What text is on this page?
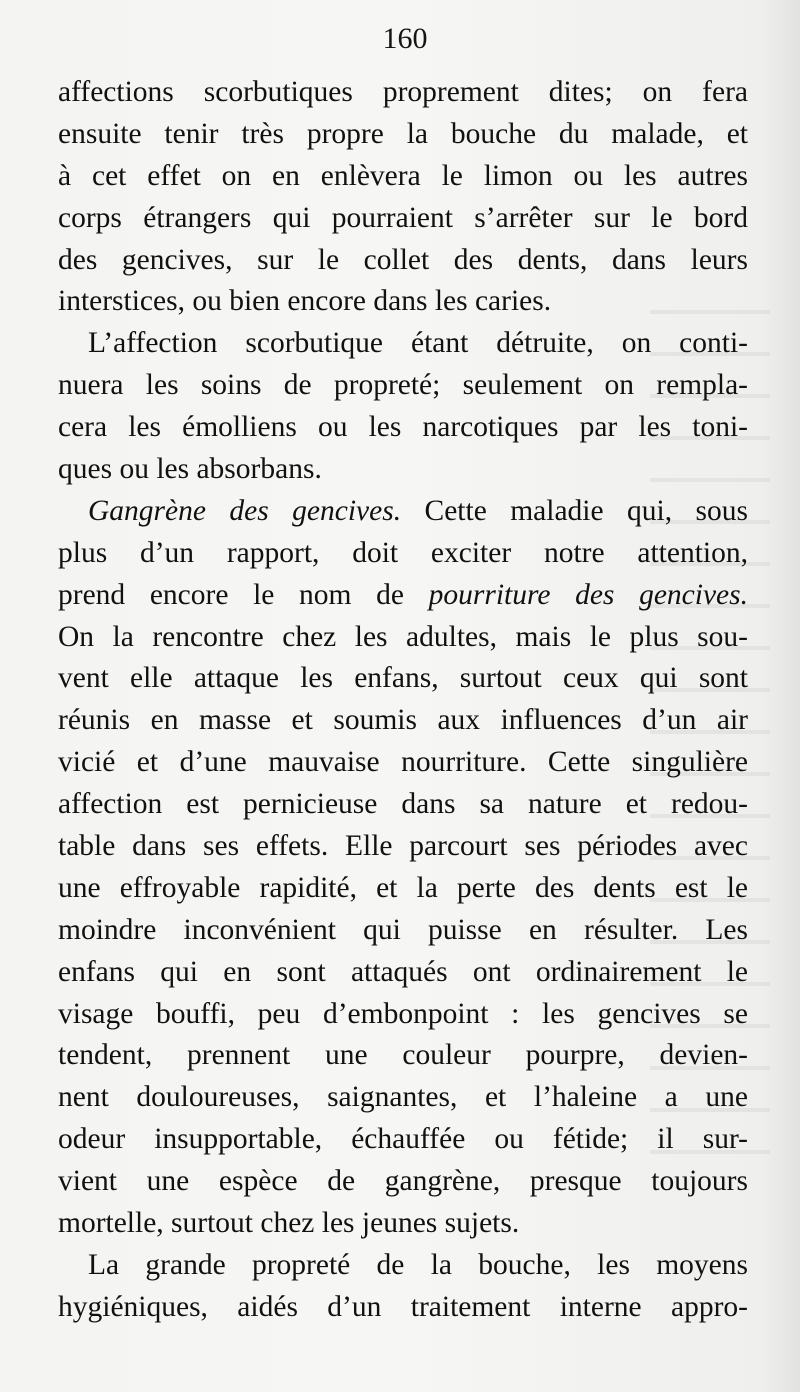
160
affections scorbutiques proprement dites; on fera
ensuite tenir très propre la bouche du malade, et
à cet effet on en enlèvera le limon ou les autres
corps étrangers qui pourraient s’arrêter sur le bord
des gencives, sur le collet des dents, dans leurs
interstices, ou bien encore dans les caries.
L’affection scorbutique étant détruite, on conti-
nuera les soins de propreté; seulement on rempla-
cera les émolliens ou les narcotiques par les toni-
ques ou les absorbans.
Gangrène des gencives. Cette maladie qui, sous
plus d’un rapport, doit exciter notre attention,
prend encore le nom de pourriture des gencives.
On la rencontre chez les adultes, mais le plus sou-
vent elle attaque les enfans, surtout ceux qui sont
réunis en masse et soumis aux influences d’un air
vicié et d’une mauvaise nourriture. Cette singulière
affection est pernicieuse dans sa nature et redou-
table dans ses effets. Elle parcourt ses périodes avec
une effroyable rapidité, et la perte des dents est le
moindre inconvénient qui puisse en résulter. Les
enfans qui en sont attaqués ont ordinairement le
visage bouffi, peu d’embonpoint : les gencives se
tendent, prennent une couleur pourpre, devien-
nent douloureuses, saignantes, et l’haleine a une
odeur insupportable, échauffée ou fétide; il sur-
vient une espèce de gangrène, presque toujours
mortelle, surtout chez les jeunes sujets.
La grande propreté de la bouche, les moyens
hygiéniques, aidés d’un traitement interne appro-
